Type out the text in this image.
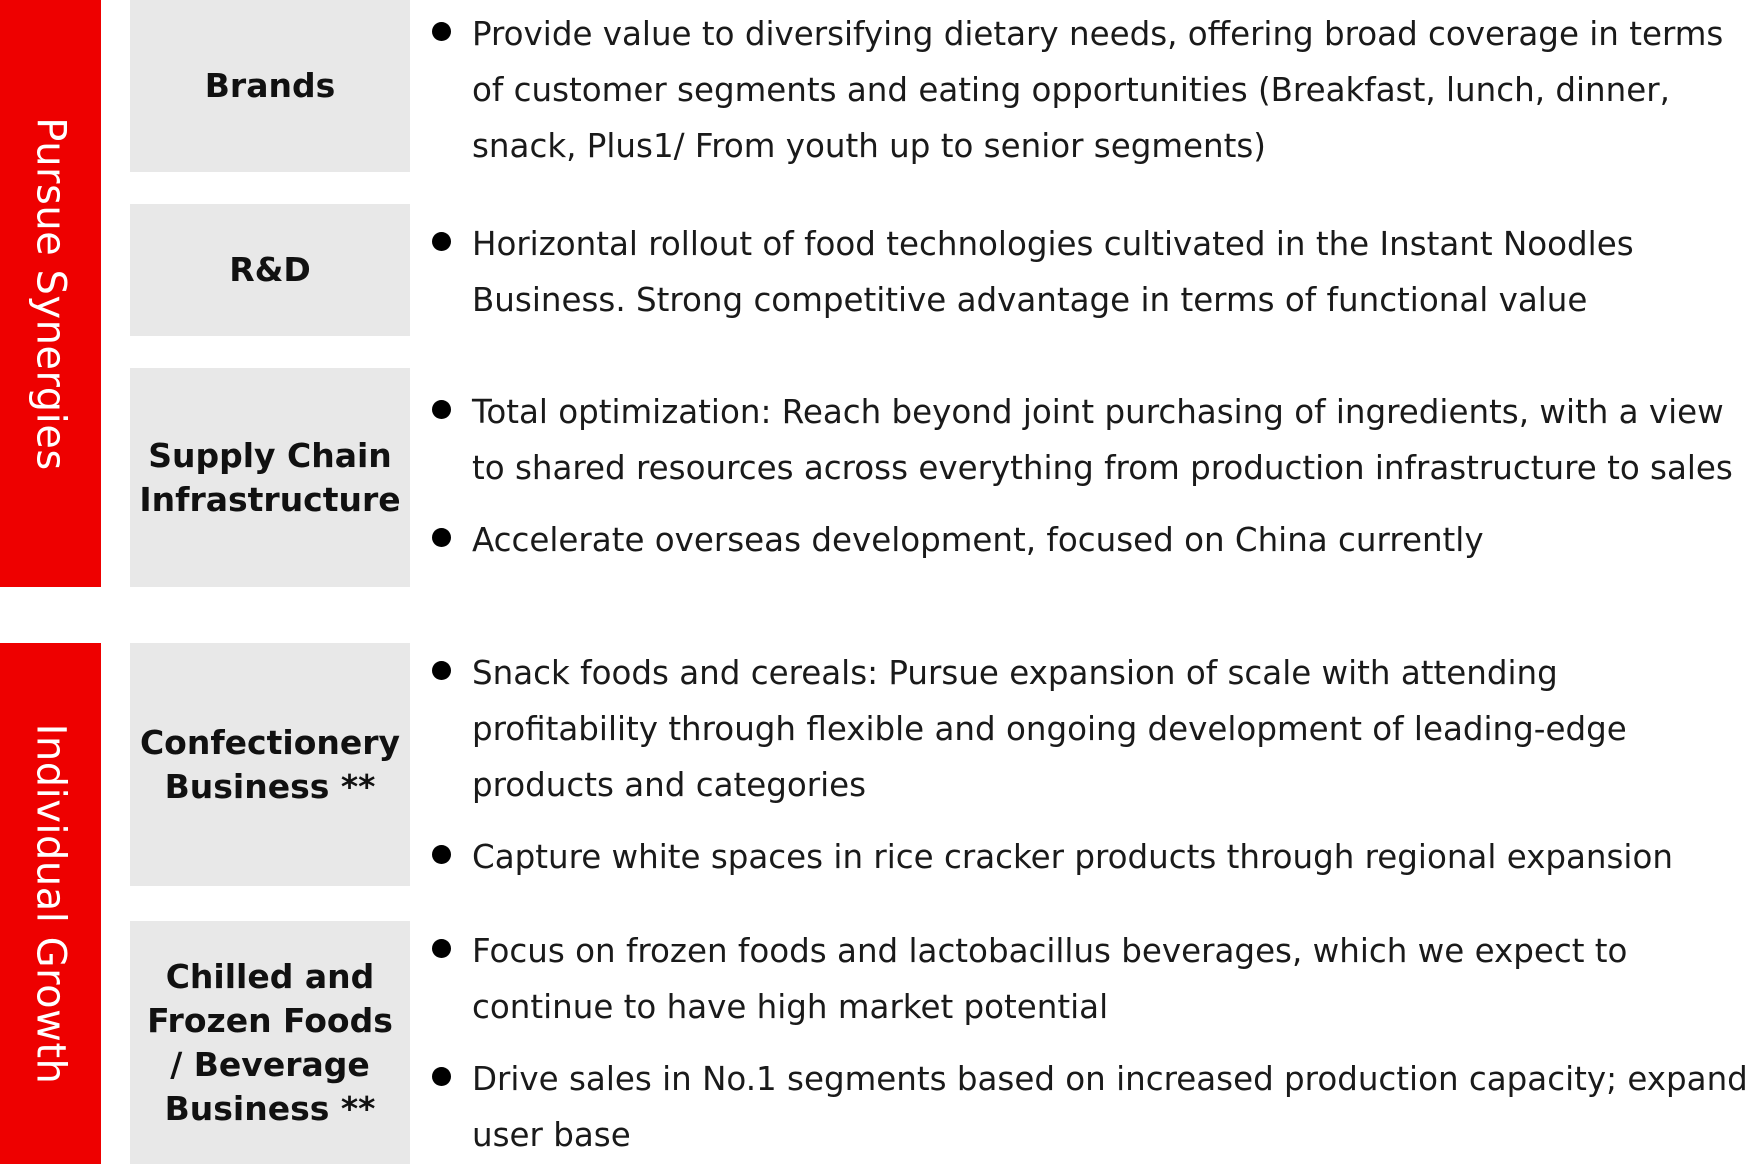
Pursue Synergies
Individual Growth
Brands
Provide value to diversifying dietary needs, offering broad coverage in terms of customer segments and eating opportunities (Breakfast, lunch, dinner, snack, Plus1/ From youth up to senior segments)
R&D
Horizontal rollout of food technologies cultivated in the Instant Noodles Business. Strong competitive advantage in terms of functional value
Supply Chain
Infrastructure
Total optimization: Reach beyond joint purchasing of ingredients, with a view to shared resources across everything from production infrastructure to sales
Accelerate overseas development, focused on China currently
Confectionery
Business **
Snack foods and cereals: Pursue expansion of scale with attending profitability through flexible and ongoing development of leading-edge products and categories
Capture white spaces in rice cracker products through regional expansion
Chilled and
Frozen Foods
/ Beverage
Business **
Focus on frozen foods and lactobacillus beverages, which we expect to continue to have high market potential
Drive sales in No.1 segments based on increased production capacity; expand user base
